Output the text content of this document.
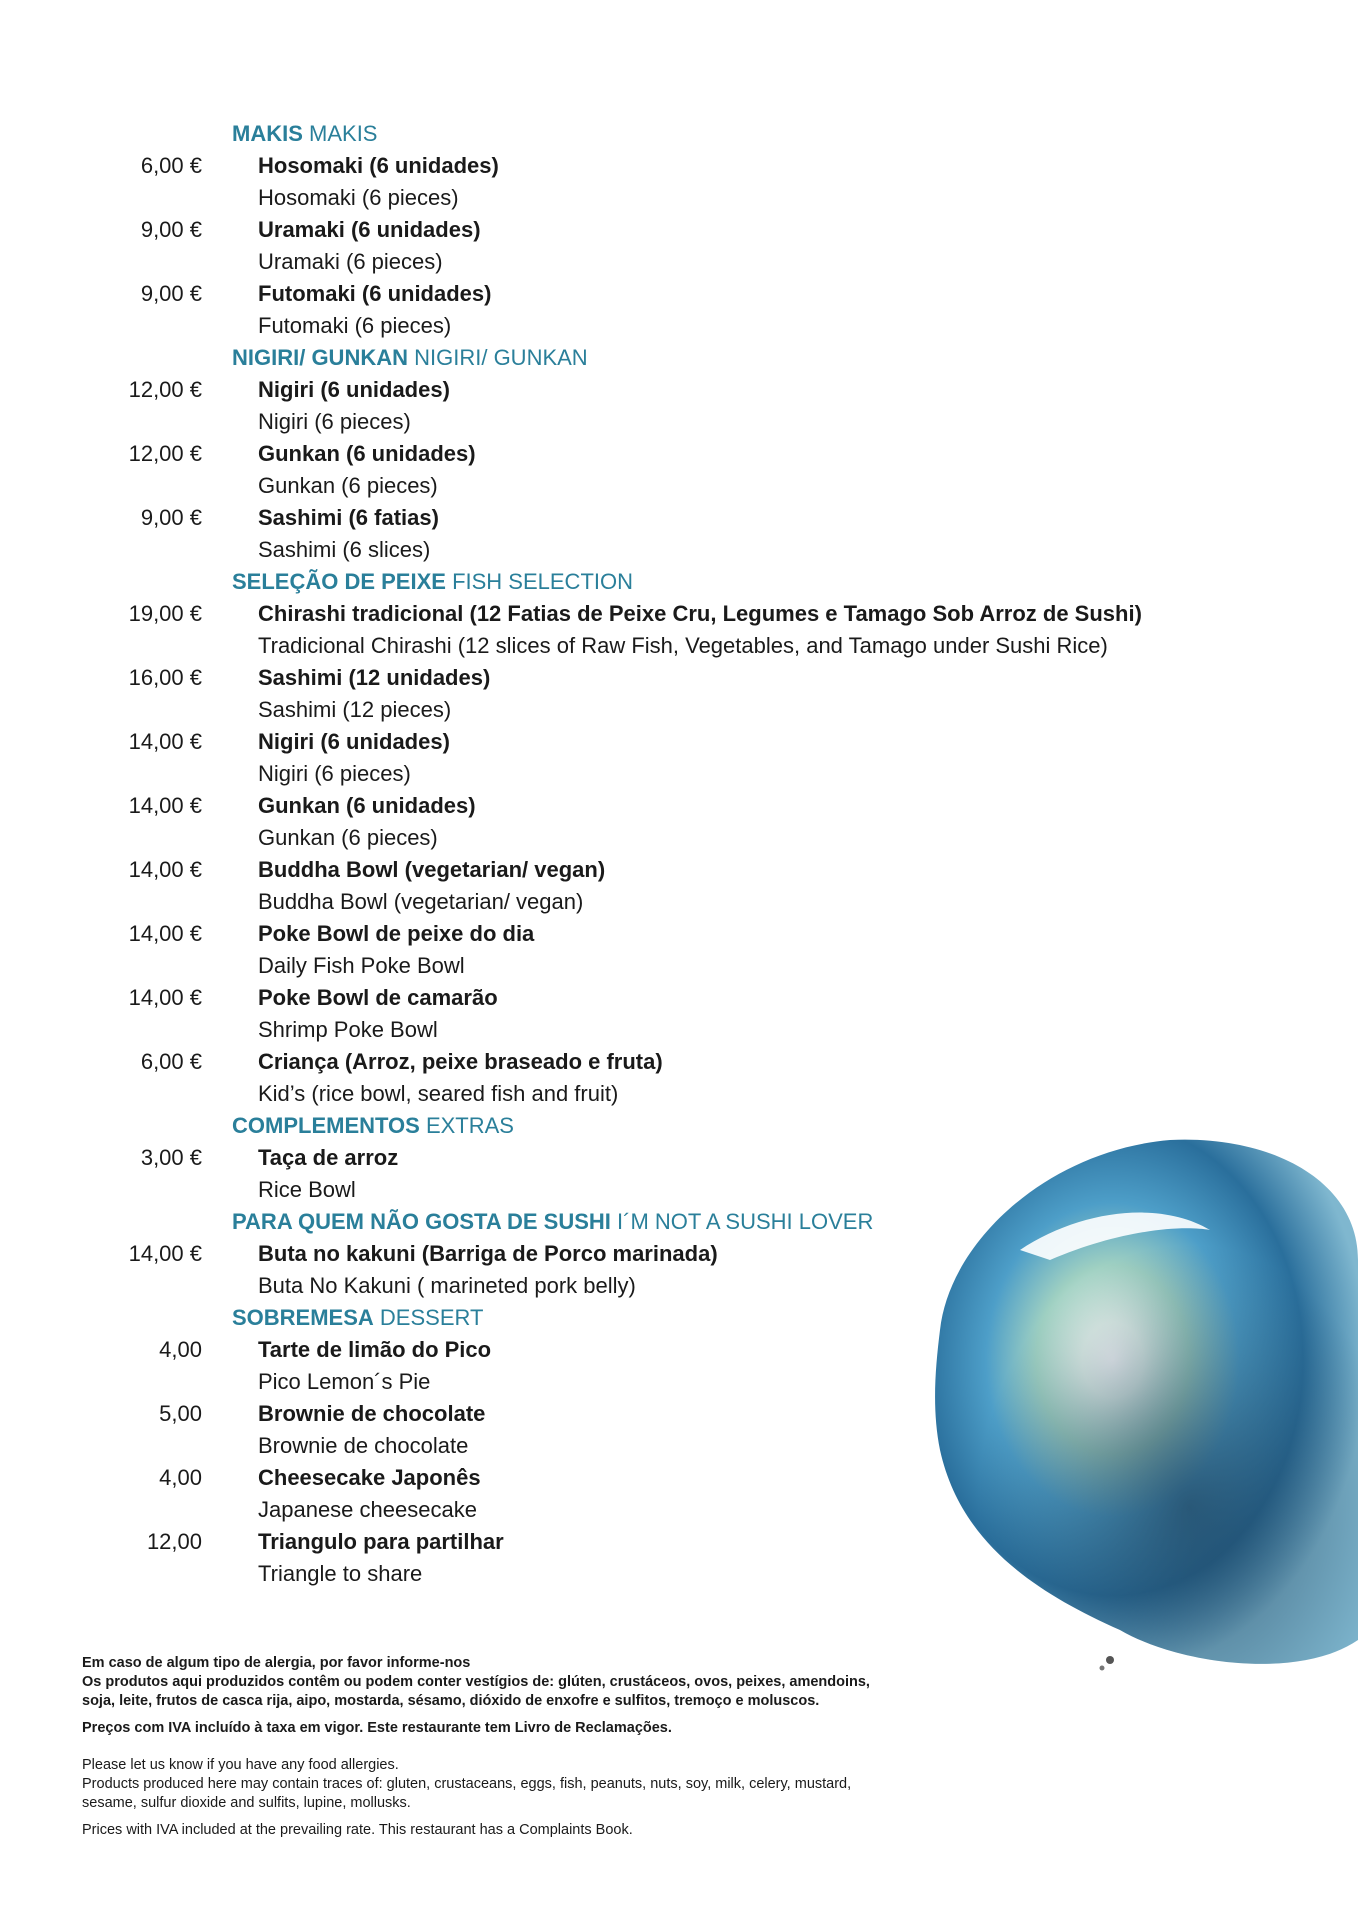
MAKIS MAKIS
6,00 €	Hosomaki (6 unidades)
Hosomaki (6 pieces)
9,00 €	Uramaki (6 unidades)
Uramaki (6 pieces)
9,00 €	Futomaki (6 unidades)
Futomaki (6 pieces)
NIGIRI/ GUNKAN NIGIRI/ GUNKAN
12,00 €	Nigiri (6 unidades)
Nigiri (6 pieces)
12,00 €	Gunkan (6 unidades)
Gunkan (6 pieces)
9,00 €	Sashimi (6 fatias)
Sashimi (6 slices)
SELEÇÃO DE PEIXE FISH SELECTION
19,00 €	Chirashi tradicional (12 Fatias de Peixe Cru, Legumes e Tamago Sob Arroz de Sushi)
Tradicional Chirashi (12 slices of Raw Fish, Vegetables, and Tamago under Sushi Rice)
16,00 €	Sashimi (12 unidades)
Sashimi (12 pieces)
14,00 €	Nigiri (6 unidades)
Nigiri (6 pieces)
14,00 €	Gunkan (6 unidades)
Gunkan (6 pieces)
14,00 €	Buddha Bowl (vegetarian/ vegan)
Buddha Bowl (vegetarian/ vegan)
14,00 €	Poke Bowl de peixe do dia
Daily Fish Poke Bowl
14,00 €	Poke Bowl de camarão
Shrimp Poke Bowl
6,00 €	Criança (Arroz, peixe braseado e fruta)
Kid’s (rice bowl, seared fish and fruit)
COMPLEMENTOS EXTRAS
3,00 €	Taça de arroz
Rice Bowl
PARA QUEM NÃO GOSTA DE SUSHI I´M NOT A SUSHI LOVER
14,00 €	Buta no kakuni (Barriga de Porco marinada)
Buta No Kakuni ( marineted pork belly)
SOBREMESA DESSERT
4,00	Tarte de limão do Pico
Pico Lemon´s Pie
5,00	Brownie de chocolate
Brownie de chocolate
4,00	Cheesecake Japonês
Japanese cheesecake
12,00	Triangulo para partilhar
Triangle to share

Em caso de algum tipo de alergia, por favor informe-nos

Os produtos aqui produzidos contêm ou podem conter vestígios de: glúten, crustáceos, ovos, peixes, amendoins,

soja, leite, frutos de casca rija, aipo, mostarda, sésamo, dióxido de enxofre e sulfitos, tremoço e moluscos.

Preços com IVA incluído à taxa em vigor. Este restaurante tem Livro de Reclamações.

Please let us know if you have any food allergies.

Products produced here may contain traces of: gluten, crustaceans, eggs, fish, peanuts, nuts, soy, milk, celery, mustard,

sesame, sulfur dioxide and sulfits, lupine, mollusks.

Prices with IVA included at the prevailing rate. This restaurant has a Complaints Book.
